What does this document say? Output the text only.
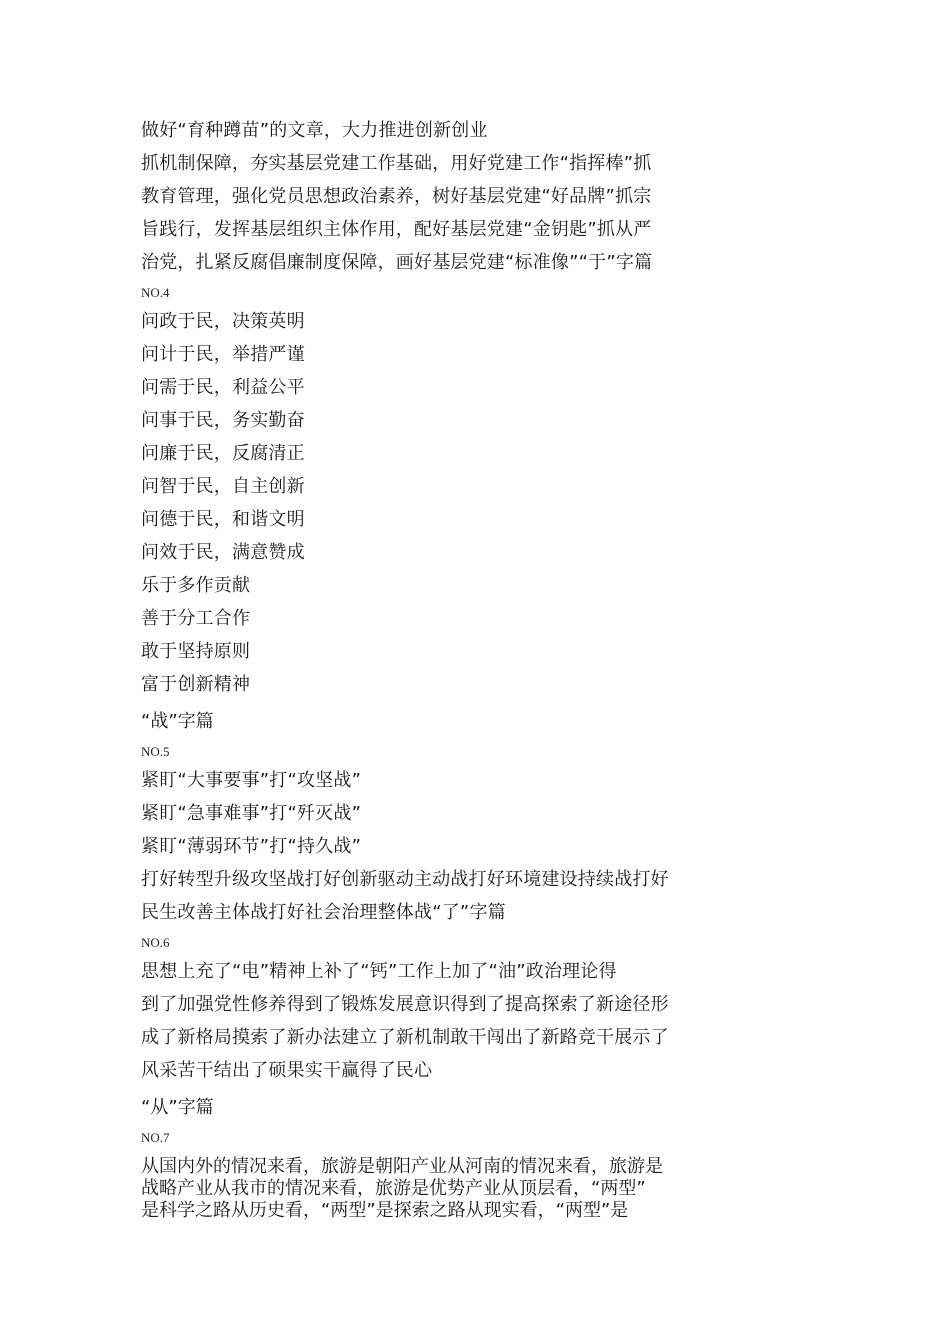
做好“育种蹲苗”的文章，大力推进创新创业
抓机制保障，夯实基层党建工作基础，用好党建工作“指挥棒”抓
教育管理，强化党员思想政治素养，树好基层党建“好品牌”抓宗
旨践行，发挥基层组织主体作用，配好基层党建“金钥匙”抓从严
治党，扎紧反腐倡廉制度保障，画好基层党建“标准像”“于”字篇
NO.4
问政于民，决策英明
问计于民，举措严谨
问需于民，利益公平
问事于民，务实勤奋
问廉于民，反腐清正
问智于民，自主创新
问德于民，和谐文明
问效于民，满意赞成
乐于多作贡献
善于分工合作
敢于坚持原则
富于创新精神
“战”字篇
NO.5
紧盯“大事要事”打“攻坚战”
紧盯“急事难事”打“歼灭战”
紧盯“薄弱环节”打“持久战”
打好转型升级攻坚战打好创新驱动主动战打好环境建设持续战打好
民生改善主体战打好社会治理整体战“了”字篇
NO.6
思想上充了“电”精神上补了“钙”工作上加了“油”政治理论得
到了加强党性修养得到了锻炼发展意识得到了提高探索了新途径形
成了新格局摸索了新办法建立了新机制敢干闯出了新路竞干展示了
风采苦干结出了硕果实干赢得了民心
“从”字篇
NO.7
从国内外的情况来看，旅游是朝阳产业从河南的情况来看，旅游是
战略产业从我市的情况来看，旅游是优势产业从顶层看，“两型”
是科学之路从历史看，“两型”是探索之路从现实看，“两型”是
